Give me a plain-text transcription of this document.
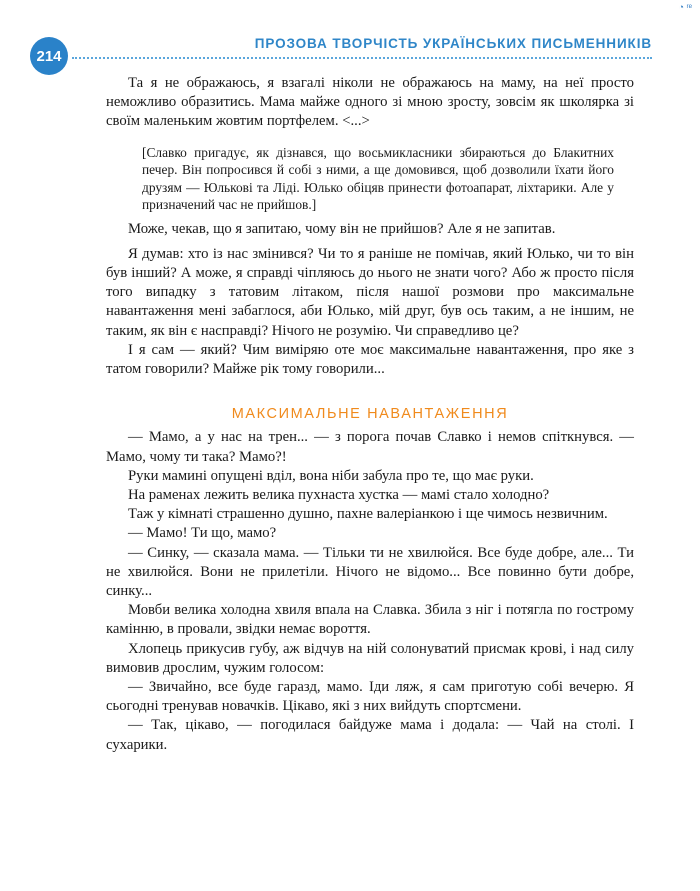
◔ ʳᵉ
214
ПРОЗОВА ТВОРЧІСТЬ УКРАЇНСЬКИХ ПИСЬМЕННИКІВ

Та я не ображаюсь, я взагалі ніколи не ображаюсь на маму, на неї просто неможливо образитись. Мама майже одного зі мною зросту, зовсім як школярка зі своїм маленьким жовтим портфелем. <...>

[Славко пригадує, як дізнався, що восьмикласники збираються до Блакитних печер. Він попросився й собі з ними, а ще домовився, щоб дозволили їхати його друзям — Юлькові та Ліді. Юлько обіцяв принести фотоапарат, ліхтарики. Але у призначений час не прийшов.]

Може, чекав, що я запитаю, чому він не прийшов? Але я не запитав.

Я думав: хто із нас змінився? Чи то я раніше не помічав, який Юлько, чи то він був інший? А може, я справді чіпляюсь до нього не знати чого? Або ж просто після того випадку з татовим літаком, після нашої розмови про максимальне навантаження мені забаглося, аби Юлько, мій друг, був ось таким, а не іншим, не таким, як він є насправді? Нічого не розумію. Чи справедливо це?

І я сам — який? Чим виміряю оте моє максимальне навантаження, про яке з татом говорили? Майже рік тому говорили...

МАКСИМАЛЬНЕ НАВАНТАЖЕННЯ

— Мамо, а у нас на трен... — з порога почав Славко і немов спіткнувся. — Мамо, чому ти така? Мамо?!

Руки мамині опущені вділ, вона ніби забула про те, що має руки.

На раменах лежить велика пухнаста хустка — мамі стало холодно?

Таж у кімнаті страшенно душно, пахне валеріанкою і ще чимось незвичним.

— Мамо! Ти що, мамо?

— Синку, — сказала мама. — Тільки ти не хвилюйся. Все буде добре, але... Ти не хвилюйся. Вони не прилетіли. Нічого не відомо... Все повинно бути добре, синку...

Мовби велика холодна хвиля впала на Славка. Збила з ніг і потягла по гострому камінню, в провали, звідки немає вороття.

Хлопець прикусив губу, аж відчув на ній солонуватий присмак крові, і над силу вимовив дрослим, чужим голосом:

— Звичайно, все буде гаразд, мамо. Іди ляж, я сам приготую собі вечерю. Я сьогодні тренував новачків. Цікаво, які з них вийдуть спортсмени.

— Так, цікаво, — погодилася байдуже мама і додала: — Чай на столі. І сухарики.
